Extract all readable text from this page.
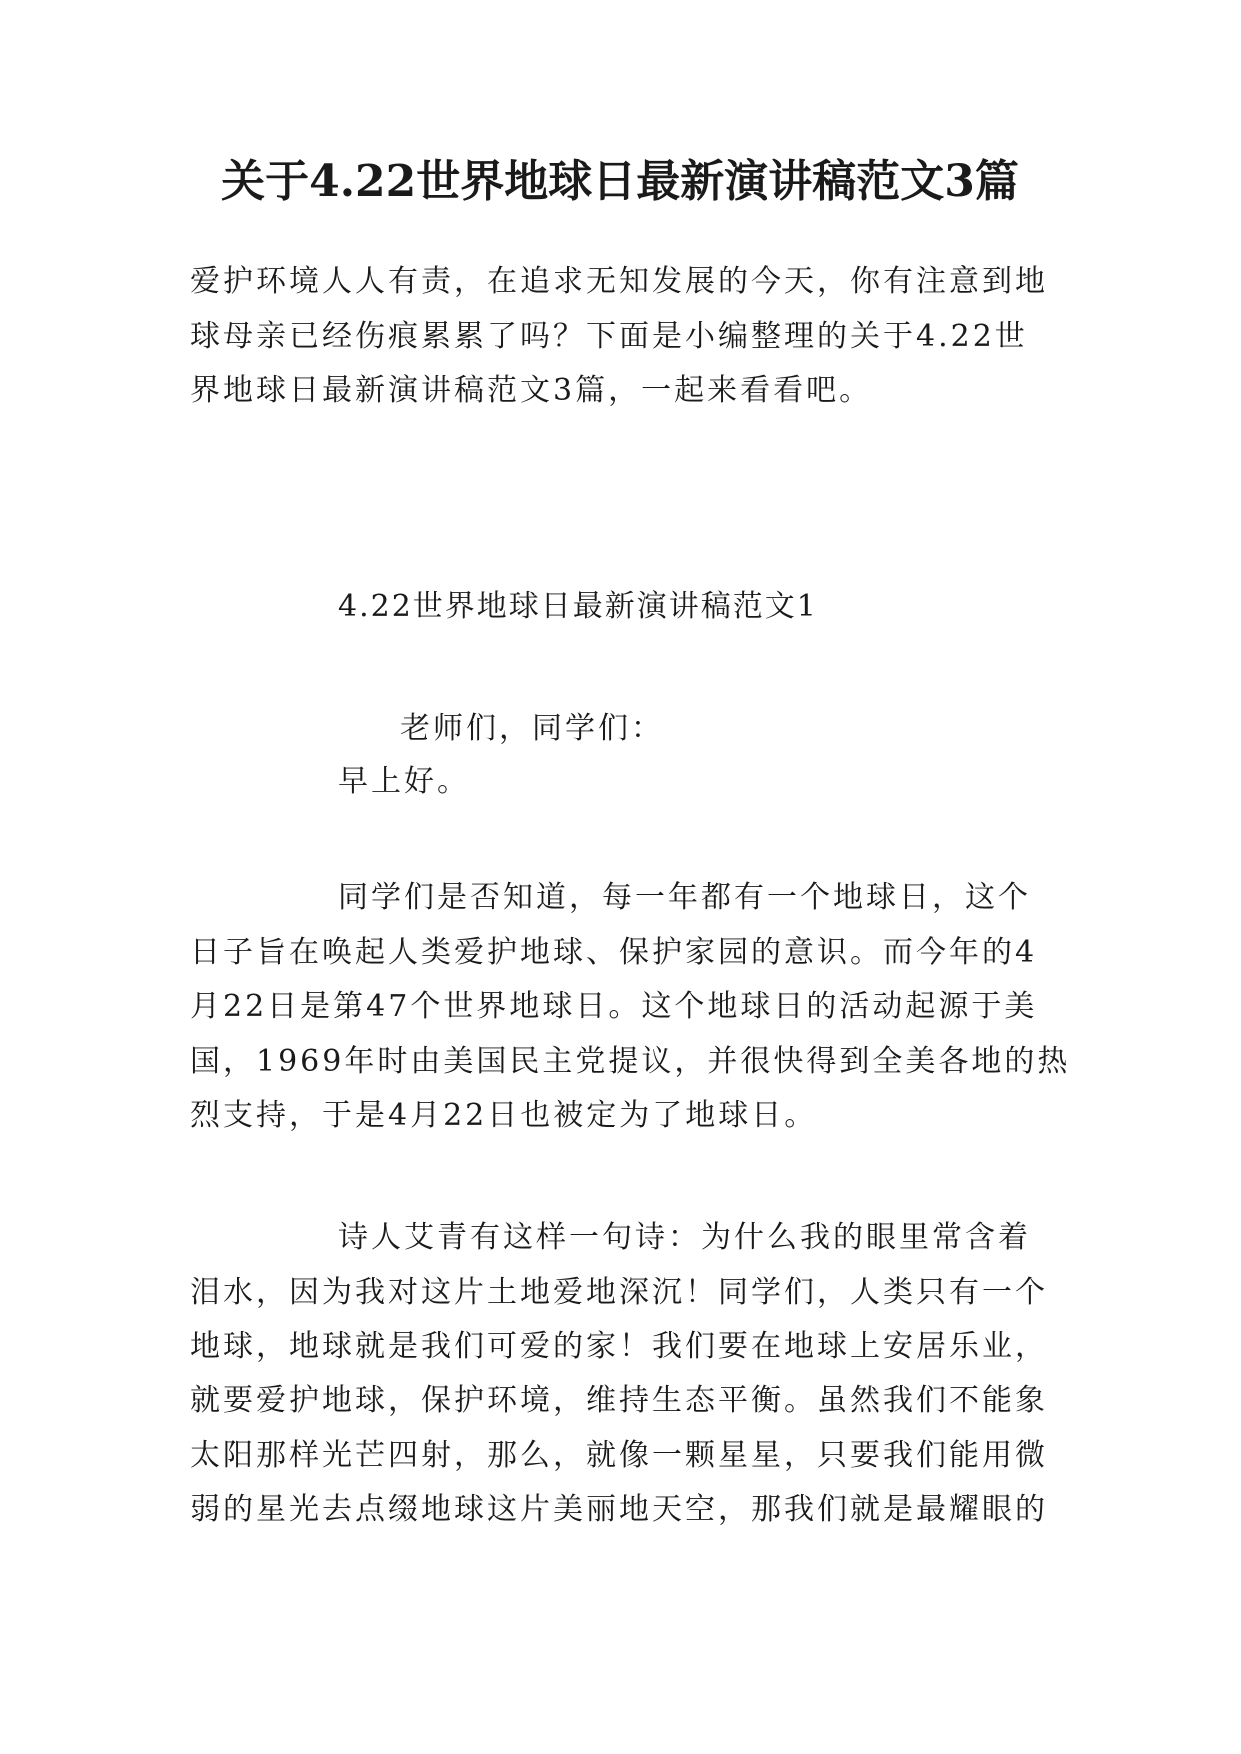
关于4.22世界地球日最新演讲稿范文3篇
爱护环境人人有责，在追求无知发展的今天，你有注意到地
球母亲已经伤痕累累了吗？下面是小编整理的关于4.22世
界地球日最新演讲稿范文3篇，一起来看看吧。
4.22世界地球日最新演讲稿范文1
老师们，同学们：
早上好。
同学们是否知道，每一年都有一个地球日，这个
日子旨在唤起人类爱护地球、保护家园的意识。而今年的4
月22日是第47个世界地球日。这个地球日的活动起源于美
国，1969年时由美国民主党提议，并很快得到全美各地的热
烈支持，于是4月22日也被定为了地球日。
诗人艾青有这样一句诗：为什么我的眼里常含着
泪水，因为我对这片土地爱地深沉！同学们，人类只有一个
地球，地球就是我们可爱的家！我们要在地球上安居乐业，
就要爱护地球，保护环境，维持生态平衡。虽然我们不能象
太阳那样光芒四射，那么，就像一颗星星，只要我们能用微
弱的星光去点缀地球这片美丽地天空，那我们就是最耀眼的
